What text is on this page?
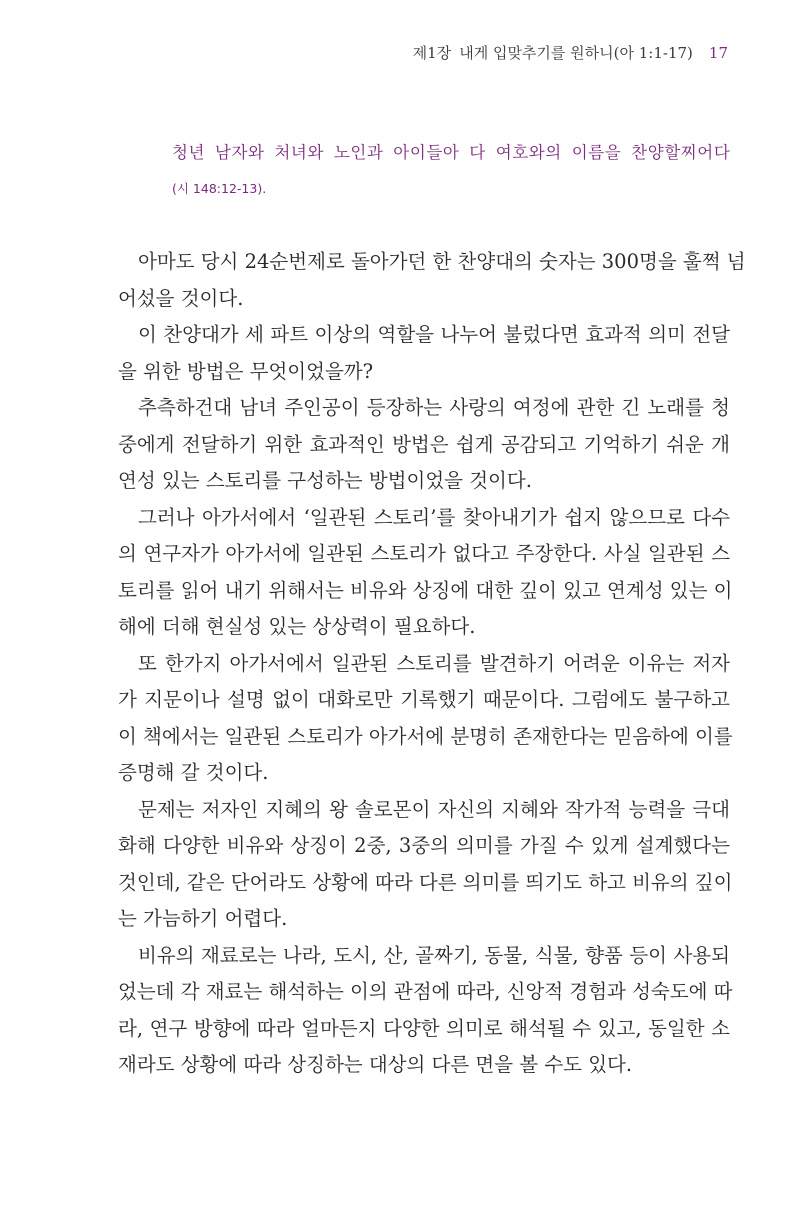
제1장 내게 입맞추기를 원하니(아 1:1-17) 17
청년 남자와 처녀와 노인과 아이들아 다 여호와의 이름을 찬양할찌어다
(시 148:12-13).

아마도 당시 24순번제로 돌아가던 한 찬양대의 숫자는 300명을 훌쩍 넘
어섰을 것이다.

이 찬양대가 세 파트 이상의 역할을 나누어 불렀다면 효과적 의미 전달
을 위한 방법은 무엇이었을까?

추측하건대 남녀 주인공이 등장하는 사랑의 여정에 관한 긴 노래를 청
중에게 전달하기 위한 효과적인 방법은 쉽게 공감되고 기억하기 쉬운 개
연성 있는 스토리를 구성하는 방법이었을 것이다.

그러나 아가서에서 ‘일관된 스토리’를 찾아내기가 쉽지 않으므로 다수
의 연구자가 아가서에 일관된 스토리가 없다고 주장한다. 사실 일관된 스
토리를 읽어 내기 위해서는 비유와 상징에 대한 깊이 있고 연계성 있는 이
해에 더해 현실성 있는 상상력이 필요하다.

또 한가지 아가서에서 일관된 스토리를 발견하기 어려운 이유는 저자
가 지문이나 설명 없이 대화로만 기록했기 때문이다. 그럼에도 불구하고
이 책에서는 일관된 스토리가 아가서에 분명히 존재한다는 믿음하에 이를
증명해 갈 것이다.

문제는 저자인 지혜의 왕 솔로몬이 자신의 지혜와 작가적 능력을 극대
화해 다양한 비유와 상징이 2중, 3중의 의미를 가질 수 있게 설계했다는
것인데, 같은 단어라도 상황에 따라 다른 의미를 띄기도 하고 비유의 깊이
는 가늠하기 어렵다.

비유의 재료로는 나라, 도시, 산, 골짜기, 동물, 식물, 향품 등이 사용되
었는데 각 재료는 해석하는 이의 관점에 따라, 신앙적 경험과 성숙도에 따
라, 연구 방향에 따라 얼마든지 다양한 의미로 해석될 수 있고, 동일한 소
재라도 상황에 따라 상징하는 대상의 다른 면을 볼 수도 있다.
